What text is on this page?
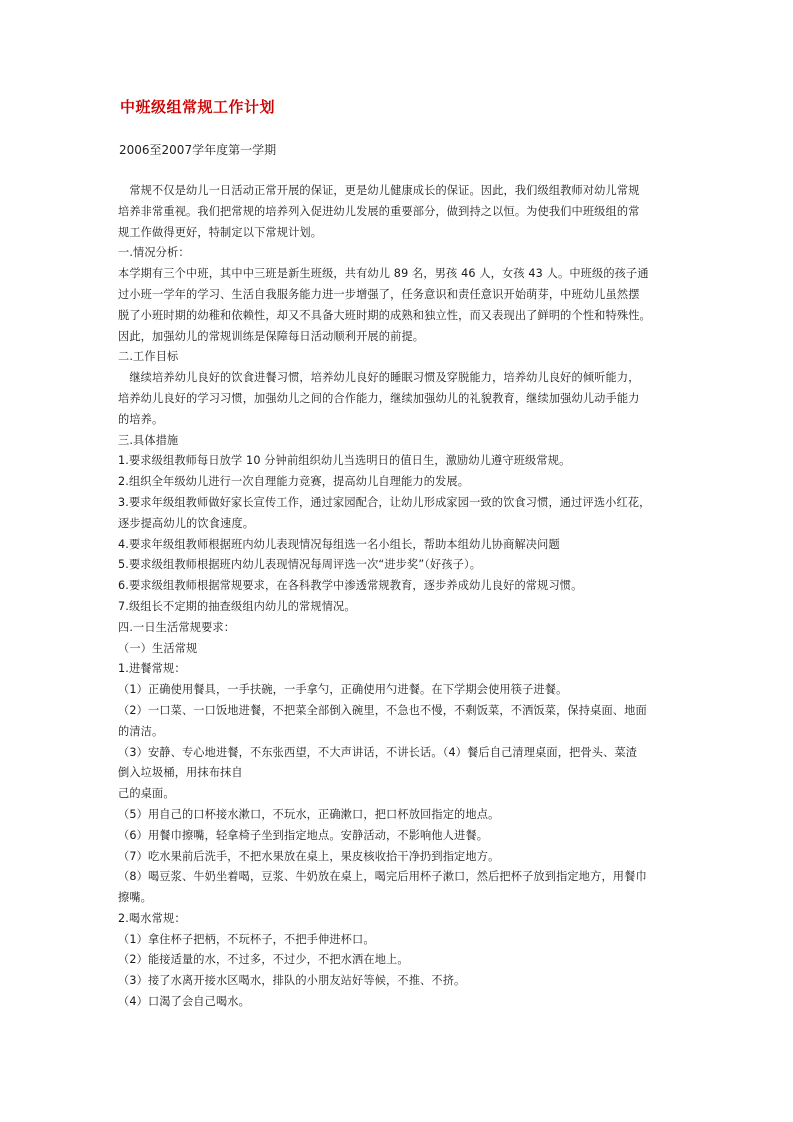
中班级组常规工作计划
2006至2007学年度第一学期
　常规不仅是幼儿一日活动正常开展的保证，更是幼儿健康成长的保证。因此，我们级组教师对幼儿常规
培养非常重视。我们把常规的培养列入促进幼儿发展的重要部分，做到持之以恒。为使我们中班级组的常
规工作做得更好，特制定以下常规计划。
一.情况分析：
本学期有三个中班，其中中三班是新生班级，共有幼儿 89 名，男孩 46 人，女孩 43 人。中班级的孩子通
过小班一学年的学习、生活自我服务能力进一步增强了，任务意识和责任意识开始萌芽，中班幼儿虽然摆
脱了小班时期的幼稚和依赖性，却又不具备大班时期的成熟和独立性，而又表现出了鲜明的个性和特殊性。
因此，加强幼儿的常规训练是保障每日活动顺利开展的前提。
二.工作目标
　继续培养幼儿良好的饮食进餐习惯，培养幼儿良好的睡眠习惯及穿脱能力，培养幼儿良好的倾听能力，
培养幼儿良好的学习习惯，加强幼儿之间的合作能力，继续加强幼儿的礼貌教育，继续加强幼儿动手能力
的培养。
三.具体措施
1.要求级组教师每日放学 10 分钟前组织幼儿当选明日的值日生，激励幼儿遵守班级常规。
2.组织全年级幼儿进行一次自理能力竞赛，提高幼儿自理能力的发展。
3.要求年级组教师做好家长宣传工作，通过家园配合，让幼儿形成家园一致的饮食习惯，通过评选小红花，
逐步提高幼儿的饮食速度。
4.要求年级组教师根据班内幼儿表现情况每组选一名小组长，帮助本组幼儿协商解决问题
5.要求级组教师根据班内幼儿表现情况每周评选一次“进步奖”（好孩子）。
6.要求级组教师根据常规要求，在各科教学中渗透常规教育，逐步养成幼儿良好的常规习惯。
7.级组长不定期的抽查级组内幼儿的常规情况。
四.一日生活常规要求：
（一）生活常规
1.进餐常规：
（1）正确使用餐具，一手扶碗，一手拿勺，正确使用勺进餐。在下学期会使用筷子进餐。
（2）一口菜、一口饭地进餐，不把菜全部倒入碗里，不急也不慢，不剩饭菜，不洒饭菜，保持桌面、地面
的清洁。
（3）安静、专心地进餐，不东张西望，不大声讲话，不讲长话。（4）餐后自己清理桌面，把骨头、菜渣
倒入垃圾桶，用抹布抹自
己的桌面。
（5）用自己的口杯接水漱口，不玩水，正确漱口，把口杯放回指定的地点。
（6）用餐巾擦嘴，轻拿椅子坐到指定地点。安静活动，不影响他人进餐。
（7）吃水果前后洗手，不把水果放在桌上，果皮核收拾干净扔到指定地方。
（8）喝豆浆、牛奶坐着喝，豆浆、牛奶放在桌上，喝完后用杯子漱口，然后把杯子放到指定地方，用餐巾
擦嘴。
2.喝水常规：
（1）拿住杯子把柄，不玩杯子，不把手伸进杯口。
（2）能接适量的水，不过多，不过少，不把水洒在地上。
（3）接了水离开接水区喝水，排队的小朋友站好等候，不推、不挤。
（4）口渴了会自己喝水。
